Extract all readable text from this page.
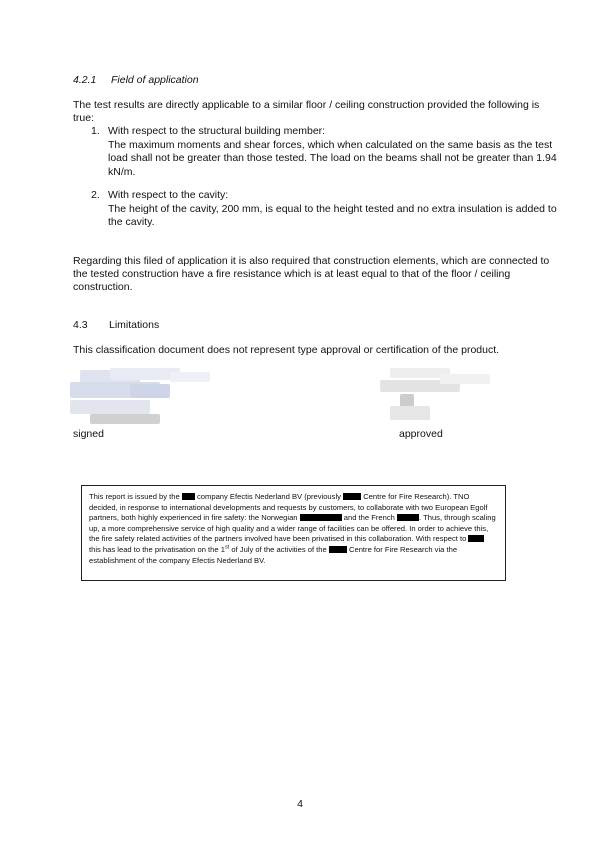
4.2.1 Field of application
The test results are directly applicable to a similar floor / ceiling construction provided the following is true:
1. With respect to the structural building member:
The maximum moments and shear forces, which when calculated on the same basis as the test load shall not be greater than those tested. The load on the beams shall not be greater than 1.94 kN/m.
2. With respect to the cavity:
The height of the cavity, 200 mm, is equal to the height tested and no extra insulation is added to the cavity.
Regarding this filed of application it is also required that construction elements, which are connected to the tested construction have a fire resistance which is at least equal to that of the floor / ceiling construction.
4.3 Limitations
This classification document does not represent type approval or certification of the product.
signed	approved
This report is issued by the company Efectis Nederland BV (previously	Centre for Fire Research). TNO decided, in response to international developments and requests by customers, to collaborate with two European Egolf partners, both highly experienced in fire safety: the Norwegian	and the French	. Thus, through scaling up, a more comprehensive service of high quality and a wider range of facilities can be offered. In order to achieve this, the fire safety related activities of the partners involved have been privatised in this collaboration. With respect to  this has lead to the privatisation on the 1st of July of the activities of the	Centre for Fire Research via the establishment of the company Efectis Nederland BV.
4
